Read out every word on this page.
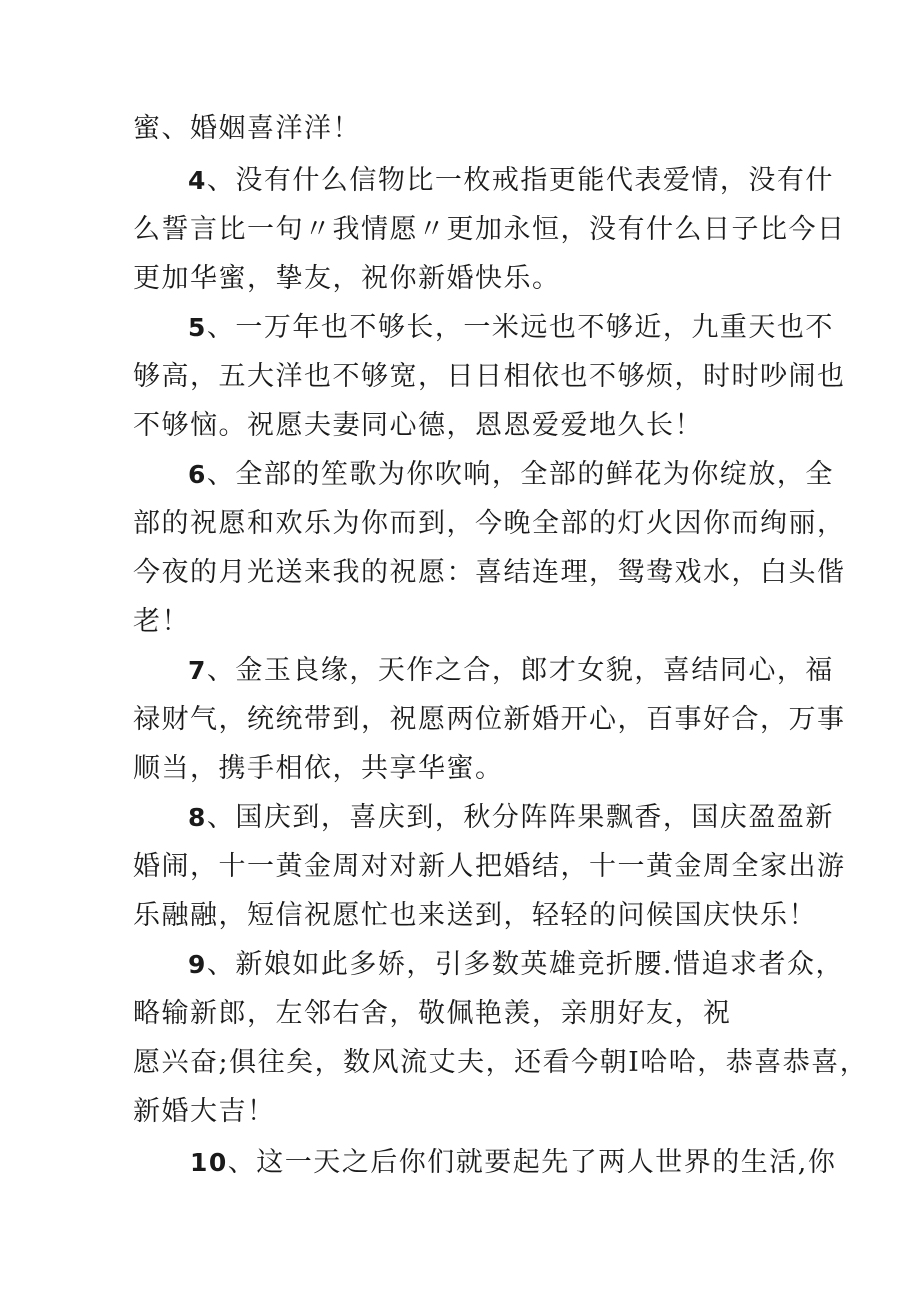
蜜、婚姻喜洋洋！
4、没有什么信物比一枚戒指更能代表爱情，没有什
么誓言比一句〃我情愿〃更加永恒，没有什么日子比今日
更加华蜜，挚友，祝你新婚快乐。
5、一万年也不够长，一米远也不够近，九重天也不
够高，五大洋也不够宽，日日相依也不够烦，时时吵闹也
不够恼。祝愿夫妻同心德，恩恩爱爱地久长！
6、全部的笙歌为你吹响，全部的鲜花为你绽放，全
部的祝愿和欢乐为你而到，今晚全部的灯火因你而绚丽，
今夜的月光送来我的祝愿：喜结连理，鸳鸯戏水，白头偕
老！
7、金玉良缘，天作之合，郎才女貌，喜结同心，福
禄财气，统统带到，祝愿两位新婚开心，百事好合，万事
顺当，携手相依，共享华蜜。
8、国庆到，喜庆到，秋分阵阵果飘香，国庆盈盈新
婚闹，十一黄金周对对新人把婚结，十一黄金周全家出游
乐融融，短信祝愿忙也来送到，轻轻的问候国庆快乐！
9、新娘如此多娇，引多数英雄竞折腰.惜追求者众，
略输新郎，左邻右舍，敬佩艳羡，亲朋好友，祝
愿兴奋;俱往矣，数风流丈夫，还看今朝I哈哈，恭喜恭喜，
新婚大吉！
10、这一天之后你们就要起先了两人世界的生活,你
